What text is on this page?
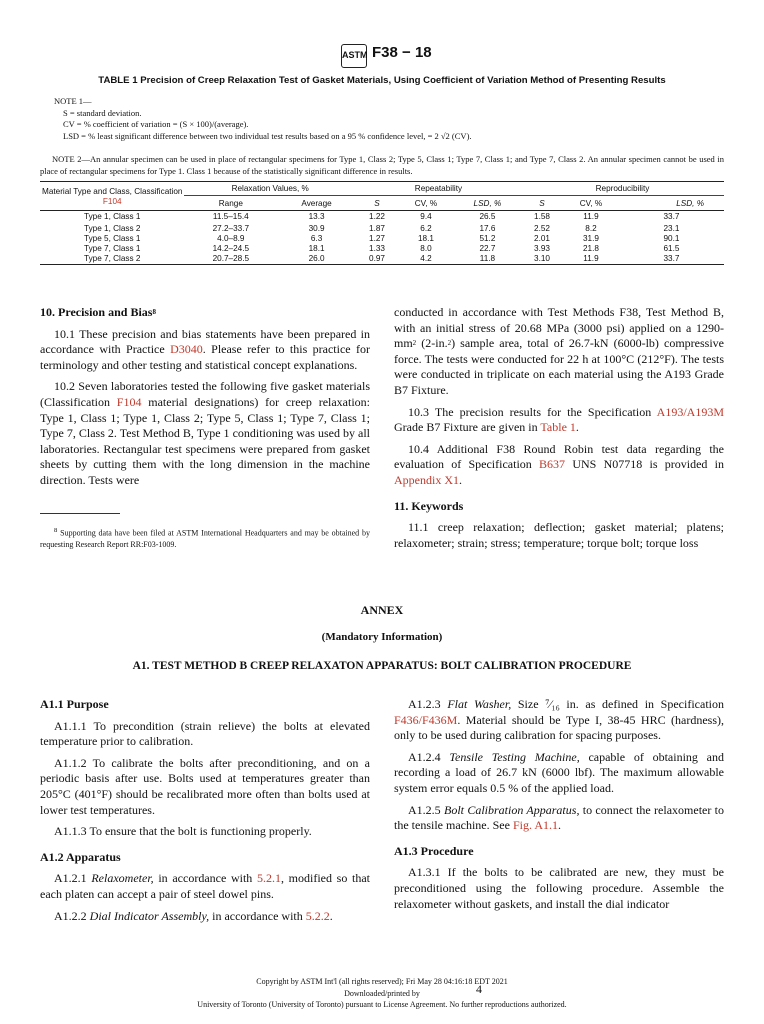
ASTM F38 − 18
TABLE 1 Precision of Creep Relaxation Test of Gasket Materials, Using Coefficient of Variation Method of Presenting Results
NOTE 1—
S = standard deviation.
CV = % coefficient of variation = (S × 100)/(average).
LSD = % least significant difference between two individual test results based on a 95 % confidence level, = 2 √2 (CV).
NOTE 2—An annular specimen can be used in place of rectangular specimens for Type 1, Class 2; Type 5, Class 1; Type 7, Class 1; and Type 7, Class 2. An annular specimen cannot be used in place of rectangular specimens for Type 1. Class 1 because of the statistically significant difference in results.
Material Type and Class, Classification
F104	Relaxation Values, %		Repeatability			Reproducibility		
	Range	Average	S	CV, %	LSD, %	S	CV, %	LSD, %
Type 1, Class 1	11.5–15.4	13.3	1.22	9.4	26.5	1.58	11.9	33.7
Type 1, Class 2	27.2–33.7	30.9	1.87	6.2	17.6	2.52	8.2	23.1
Type 5, Class 1	4.0–8.9	6.3	1.27	18.1	51.2	2.01	31.9	90.1
Type 7, Class 1	14.2–24.5	18.1	1.33	8.0	22.7	3.93	21.8	61.5
Type 7, Class 2	20.7–28.5	26.0	0.97	4.2	11.8	3.10	11.9	33.7
10. Precision and Bias$^8$

10.1 These precision and bias statements have been prepared in accordance with Practice D3040. Please refer to this practice for terminology and other testing and statistical concept explanations.

10.2 Seven laboratories tested the following five gasket materials (Classification F104 material designations) for creep relaxation: Type 1, Class 1; Type 1, Class 2; Type 5, Class 1; Type 7, Class 1; Type 7, Class 2. Test Method B, Type 1 conditioning was used by all laboratories. Rectangular test specimens were prepared from gasket sheets by cutting them with the long dimension in the machine direction. Tests were

$^8$ Supporting data have been filed at ASTM International Headquarters and may be obtained by requesting Research Report RR:F03-1009.

conducted in accordance with Test Methods F38, Test Method B, with an initial stress of 20.68 MPa (3000 psi) applied on a $1290-mm^2$ (2-in.$^2$) sample area, total of 26.7-kN (6000-lb) compressive force. The tests were conducted for 22 h at 100°C (212°F). The tests were conducted in triplicate on each material using the A193 Grade B7 Fixture.

10.3 The precision results for the Specification A193/A193M Grade B7 Fixture are given in Table 1.

10.4 Additional F38 Round Robin test data regarding the evaluation of Specification B637 UNS N07718 is provided in Appendix X1.

11. Keywords

11.1 creep relaxation; deflection; gasket material; platens; relaxometer; strain; stress; temperature; torque bolt; torque loss

ANNEX
(Mandatory Information)
A1. TEST METHOD B CREEP RELAXATON APPARATUS: BOLT CALIBRATION PROCEDURE
A1.1 Purpose

A1.1.1 To precondition (strain relieve) the bolts at elevated temperature prior to calibration.

A1.1.2 To calibrate the bolts after preconditioning, and on a periodic basis after use. Bolts used at temperatures greater than 205°C (401°F) should be recalibrated more often than bolts used at lower test temperatures.

A1.1.3 To ensure that the bolt is functioning properly.

A1.2 Apparatus

A1.2.1 Relaxometer, in accordance with 5.2.1, modified so that each platen can accept a pair of steel dowel pins.

A1.2.2 Dial Indicator Assembly, in accordance with 5.2.2.

A1.2.3 Flat Washer, Size ⁷⁄₁₆ in. as defined in Specification F436/F436M. Material should be Type I, 38-45 HRC (hardness), only to be used during calibration for spacing purposes.

A1.2.4 Tensile Testing Machine, capable of obtaining and recording a load of 26.7 kN (6000 lbf). The maximum allowable system error equals 0.5 % of the applied load.

A1.2.5 Bolt Calibration Apparatus, to connect the relaxometer to the tensile machine. See Fig. A1.1.

A1.3 Procedure

A1.3.1 If the bolts to be calibrated are new, they must be preconditioned using the following procedure. Assemble the relaxometer without gaskets, and install the dial indicator

Copyright by ASTM Int'l (all rights reserved); Fri May 28 04:16:18 EDT 2021
Downloaded/printed by
University of Toronto (University of Toronto) pursuant to License Agreement. No further reproductions authorized.
4
